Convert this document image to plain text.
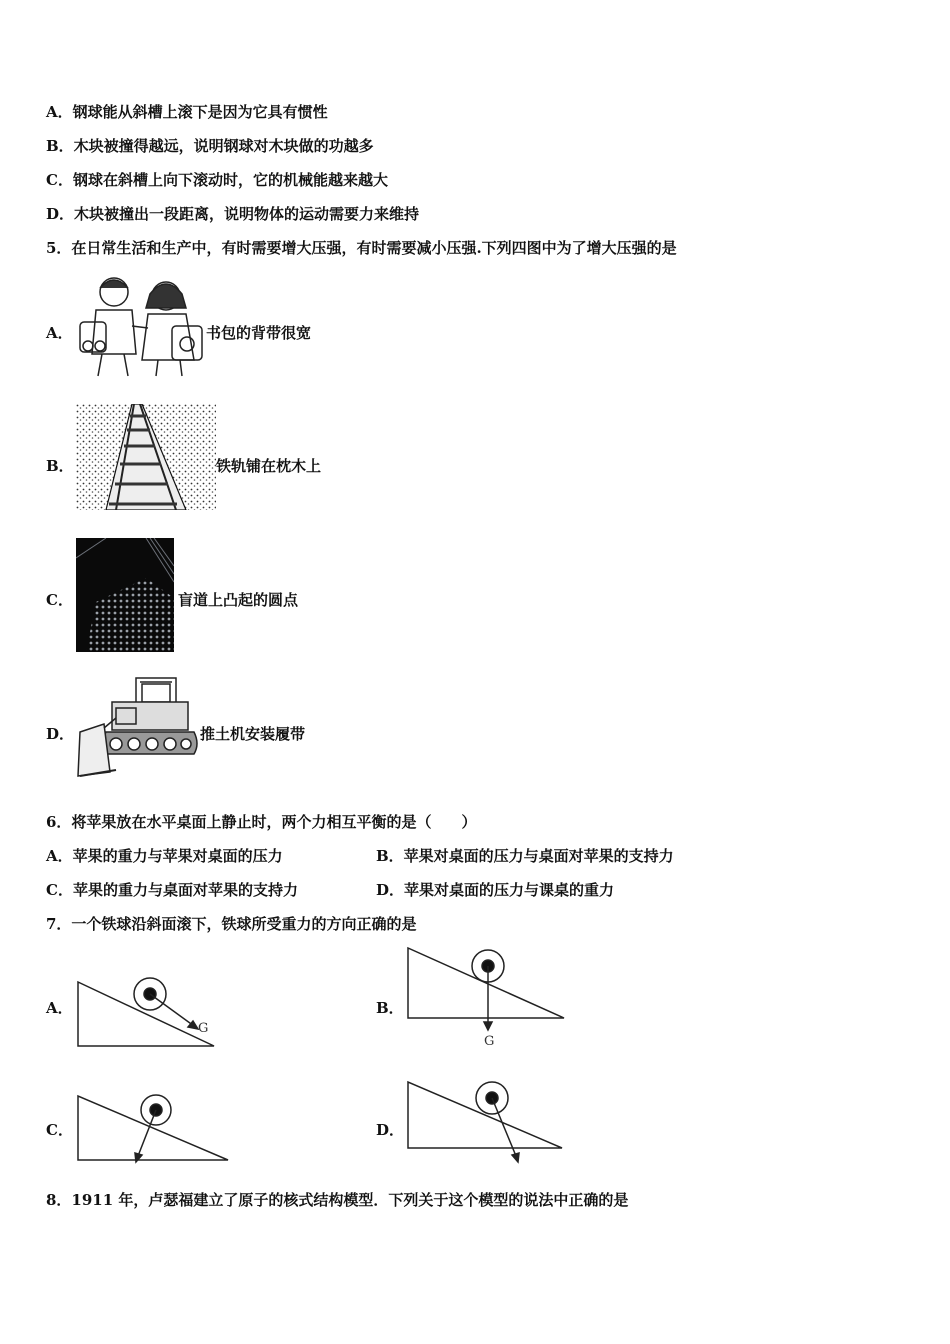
A．钢球能从斜槽上滚下是因为它具有惯性
B．木块被撞得越远，说明钢球对木块做的功越多
C．钢球在斜槽上向下滚动时，它的机械能越来越大
D．木块被撞出一段距离，说明物体的运动需要力来维持
5．在日常生活和生产中，有时需要增大压强，有时需要减小压强.下列四图中为了增大压强的是
A．	书包的背带很宽
B．	铁轨铺在枕木上
C．	盲道上凸起的圆点
D．	推土机安装履带
6．将苹果放在水平桌面上静止时，两个力相互平衡的是（　　）
A．苹果的重力与苹果对桌面的压力	B．苹果对桌面的压力与桌面对苹果的支持力
C．苹果的重力与桌面对苹果的支持力	D．苹果对桌面的压力与课桌的重力
7．一个铁球沿斜面滚下，铁球所受重力的方向正确的是
A．
G
B．
G
C．	D．
8．1911 年，卢瑟福建立了原子的核式结构模型．下列关于这个模型的说法中正确的是
